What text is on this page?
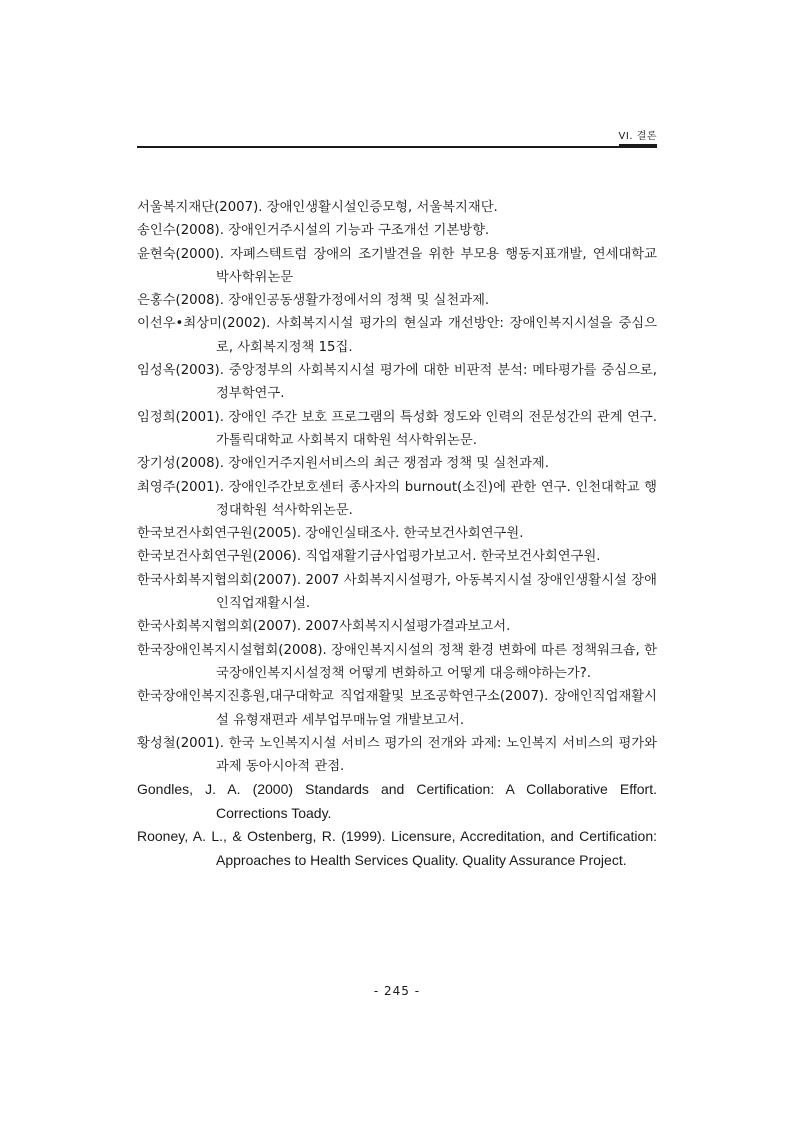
VI. 결론
서울복지재단(2007). 장애인생활시설인증모형, 서울복지재단.
송인수(2008). 장애인거주시설의 기능과 구조개선 기본방향.
윤현숙(2000). 자폐스텍트럼 장애의 조기발견을 위한 부모용 행동지표개발, 연세대학교 박사학위논문
은홍수(2008). 장애인공동생활가정에서의 정책 및 실천과제.
이선우•최상미(2002). 사회복지시설 평가의 현실과 개선방안: 장애인복지시설을 중심으로, 사회복지정책 15집.
임성옥(2003). 중앙정부의 사회복지시설 평가에 대한 비판적 분석: 메타평가를 중심으로, 정부학연구.
임정희(2001). 장애인 주간 보호 프로그램의 특성화 정도와 인력의 전문성간의 관계 연구. 가톨릭대학교 사회복지 대학원 석사학위논문.
장기성(2008). 장애인거주지원서비스의 최근 쟁점과 정책 및 실천과제.
최영주(2001). 장애인주간보호센터 종사자의 burnout(소진)에 관한 연구. 인천대학교 행정대학원 석사학위논문.
한국보건사회연구원(2005). 장애인실태조사. 한국보건사회연구원.
한국보건사회연구원(2006). 직업재활기금사업평가보고서. 한국보건사회연구원.
한국사회복지협의회(2007). 2007 사회복지시설평가, 아동복지시설 장애인생활시설 장애인직업재활시설.
한국사회복지협의회(2007). 2007사회복지시설평가결과보고서.
한국장애인복지시설협회(2008). 장애인복지시설의 정책 환경 변화에 따른 정책워크숍, 한국장애인복지시설정책 어떻게 변화하고 어떻게 대응해야하는가?.
한국장애인복지진흥원,대구대학교 직업재활및 보조공학연구소(2007). 장애인직업재활시설 유형재편과 세부업무매뉴얼 개발보고서.
황성철(2001). 한국 노인복지시설 서비스 평가의 전개와 과제: 노인복지 서비스의 평가와 과제 동아시아적 관점.
Gondles, J. A. (2000) Standards and Certification: A Collaborative Effort. Corrections Toady.
Rooney, A. L., & Ostenberg, R. (1999). Licensure, Accreditation, and Certification: Approaches to Health Services Quality. Quality Assurance Project.
- 245 -
